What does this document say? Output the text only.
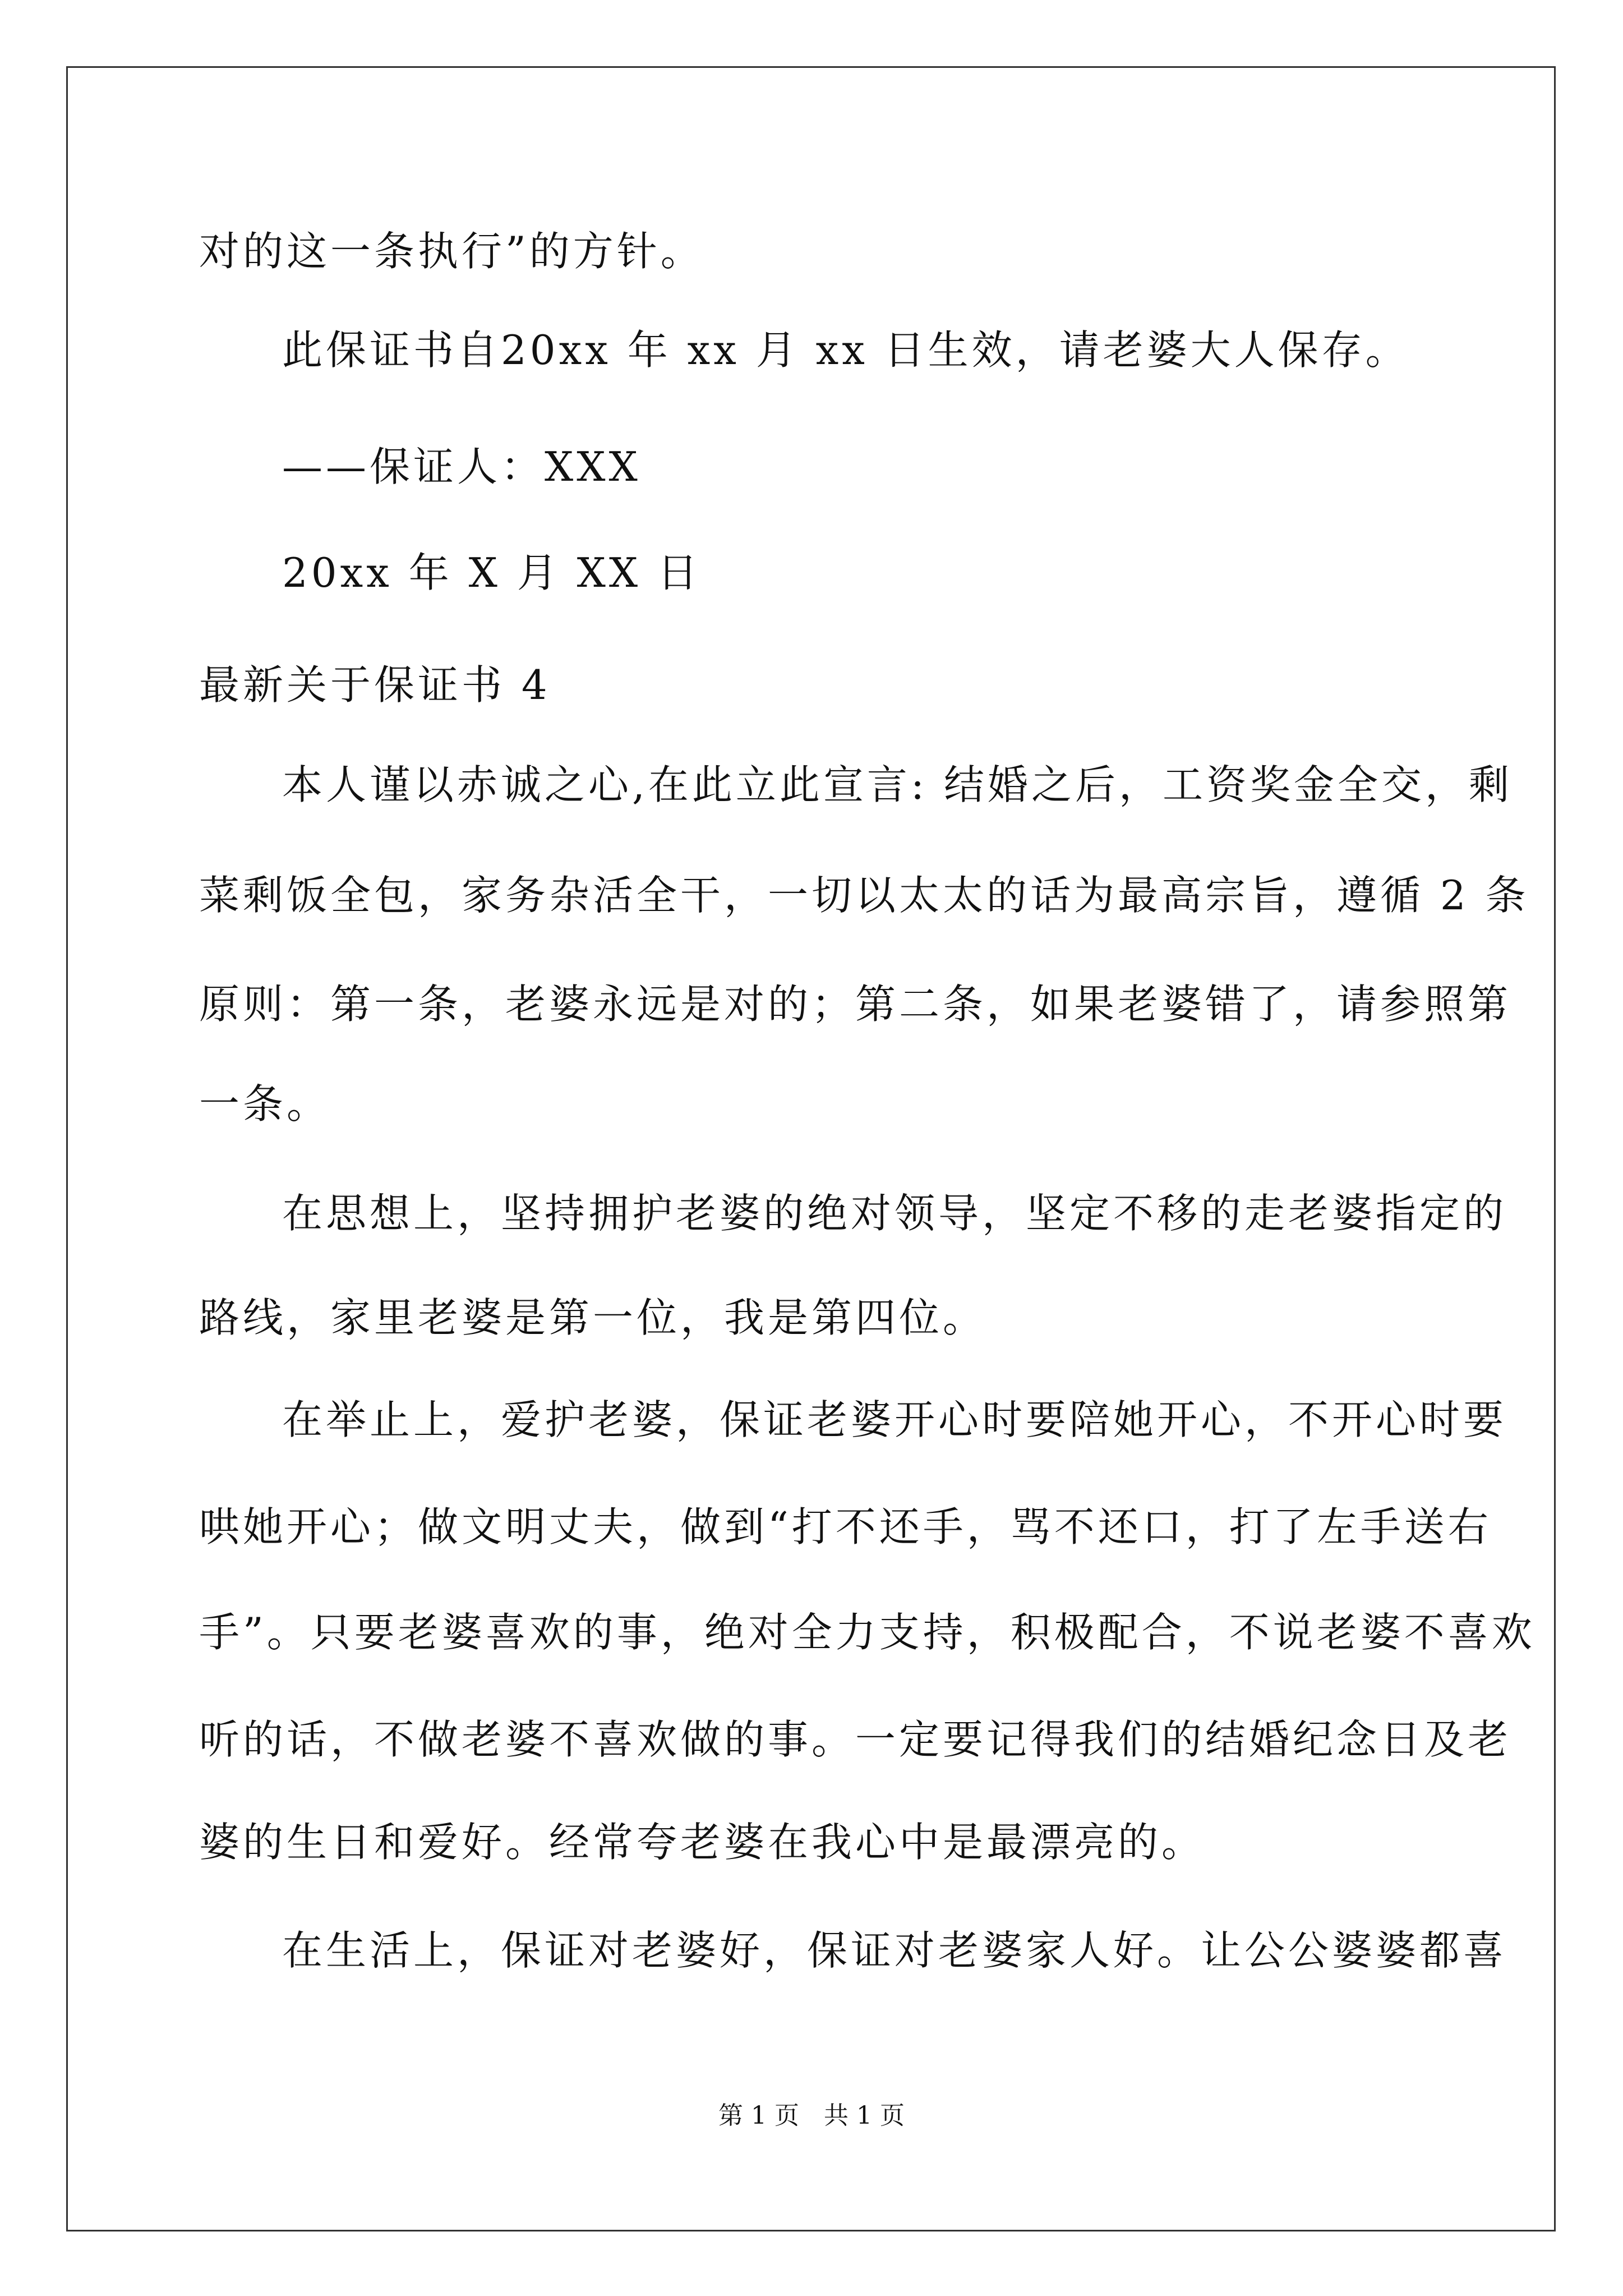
对的这一条执行”的方针。
此保证书自20xx 年 xx 月 xx 日生效，请老婆大人保存。
——保证人：XXX
20xx 年 X 月 XX 日
最新关于保证书 4
本人谨以赤诚之心,在此立此宣言: 结婚之后，工资奖金全交，剩
菜剩饭全包，家务杂活全干，一切以太太的话为最高宗旨，遵循 2 条
原则：第一条，老婆永远是对的；第二条，如果老婆错了，请参照第
一条。
在思想上，坚持拥护老婆的绝对领导，坚定不移的走老婆指定的
路线，家里老婆是第一位，我是第四位。
在举止上，爱护老婆，保证老婆开心时要陪她开心，不开心时要
哄她开心；做文明丈夫，做到“打不还手，骂不还口，打了左手送右
手”。只要老婆喜欢的事，绝对全力支持，积极配合，不说老婆不喜欢
听的话，不做老婆不喜欢做的事。一定要记得我们的结婚纪念日及老
婆的生日和爱好。经常夸老婆在我心中是最漂亮的。
在生活上，保证对老婆好，保证对老婆家人好。让公公婆婆都喜
第 1 页　共 1 页
